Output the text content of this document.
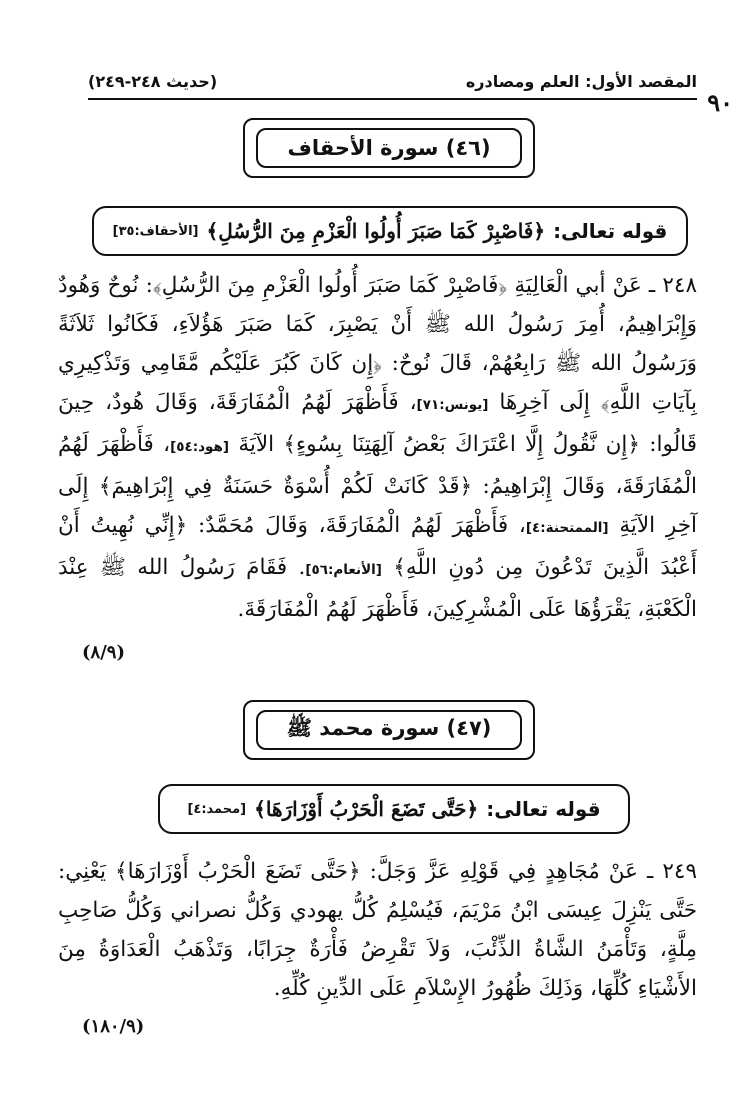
٩٠
المقصد الأول: العلم ومصادره
(حديث ٢٤٨-٢٤٩)
(٤٦) سورة الأحقاف
قوله تعالى:
﴿فَاصْبِرْ كَمَا صَبَرَ أُولُوا الْعَزْمِ مِنَ الرُّسُلِ﴾
[الأحقاف:٣٥]

٢٤٨ ـ عَنْ أبي الْعَالِيَةِ ﴿فَاصْبِرْ كَمَا صَبَرَ أُولُوا الْعَزْمِ مِنَ الرُّسُلِ﴾: نُوحٌ وَهُودٌ وَإِبْرَاهِيمُ، أُمِرَ رَسُولُ الله ﷺ أَنْ يَصْبِرَ، كَمَا صَبَرَ هَؤُلاَءِ، فَكَانُوا ثَلاَثَةً وَرَسُولُ الله ﷺ رَابِعُهُمْ، قَالَ نُوحٌ: ﴿إِن كَانَ كَبُرَ عَلَيْكُم مَّقَامِي وَتَذْكِيرِي بِآيَاتِ اللَّهِ﴾ إِلَى آخِرِهَا [يونس:٧١]، فَأَظْهَرَ لَهُمُ الْمُفَارَقَةَ، وَقَالَ هُودٌ، حِينَ قَالُوا: ﴿إِن نَّقُولُ إِلَّا اعْتَرَاكَ بَعْضُ آلِهَتِنَا بِسُوءٍ﴾ الآيَةَ [هود:٥٤]، فَأَظْهَرَ لَهُمُ الْمُفَارَقَةَ، وَقَالَ إِبْرَاهِيمُ: ﴿قَدْ كَانَتْ لَكُمْ أُسْوَةٌ حَسَنَةٌ فِي إِبْرَاهِيمَ﴾ إِلَى آخِرِ الآيَةِ [الممتحنة:٤]، فَأَظْهَرَ لَهُمُ الْمُفَارَقَةَ، وَقَالَ مُحَمَّدٌ: ﴿إِنِّي نُهِيتُ أَنْ أَعْبُدَ الَّذِينَ تَدْعُونَ مِن دُونِ اللَّهِ﴾ [الأنعام:٥٦]. فَقَامَ رَسُولُ الله ﷺ عِنْدَ الْكَعْبَةِ، يَقْرَؤُهَا عَلَى الْمُشْرِكِينَ، فَأَظْهَرَ لَهُمُ الْمُفَارَقَةَ.

(٨/٩)
(٤٧) سورة محمد ﷺ
قوله تعالى:
﴿حَتَّى تَضَعَ الْحَرْبُ أَوْزَارَهَا﴾
[محمد:٤]

٢٤٩ ـ عَنْ مُجَاهِدٍ فِي قَوْلِهِ عَزَّ وَجَلَّ: ﴿حَتَّى تَضَعَ الْحَرْبُ أَوْزَارَهَا﴾ يَعْنِي: حَتَّى يَنْزِلَ عِيسَى ابْنُ مَرْيَمَ، فَيُسْلِمُ كُلُّ يهودي وَكُلُّ نصراني وَكُلُّ صَاحِبِ مِلَّةٍ، وَتَأْمَنُ الشَّاةُ الذِّئْبَ، وَلاَ تَقْرِضُ فَأْرَةٌ جِرَابًا، وَتَذْهَبُ الْعَدَاوَةُ مِنَ الأَشْيَاءِ كُلِّهَا، وَذَلِكَ ظُهُورُ الإِسْلاَمِ عَلَى الدِّينِ كُلِّهِ.

(١٨٠/٩)
